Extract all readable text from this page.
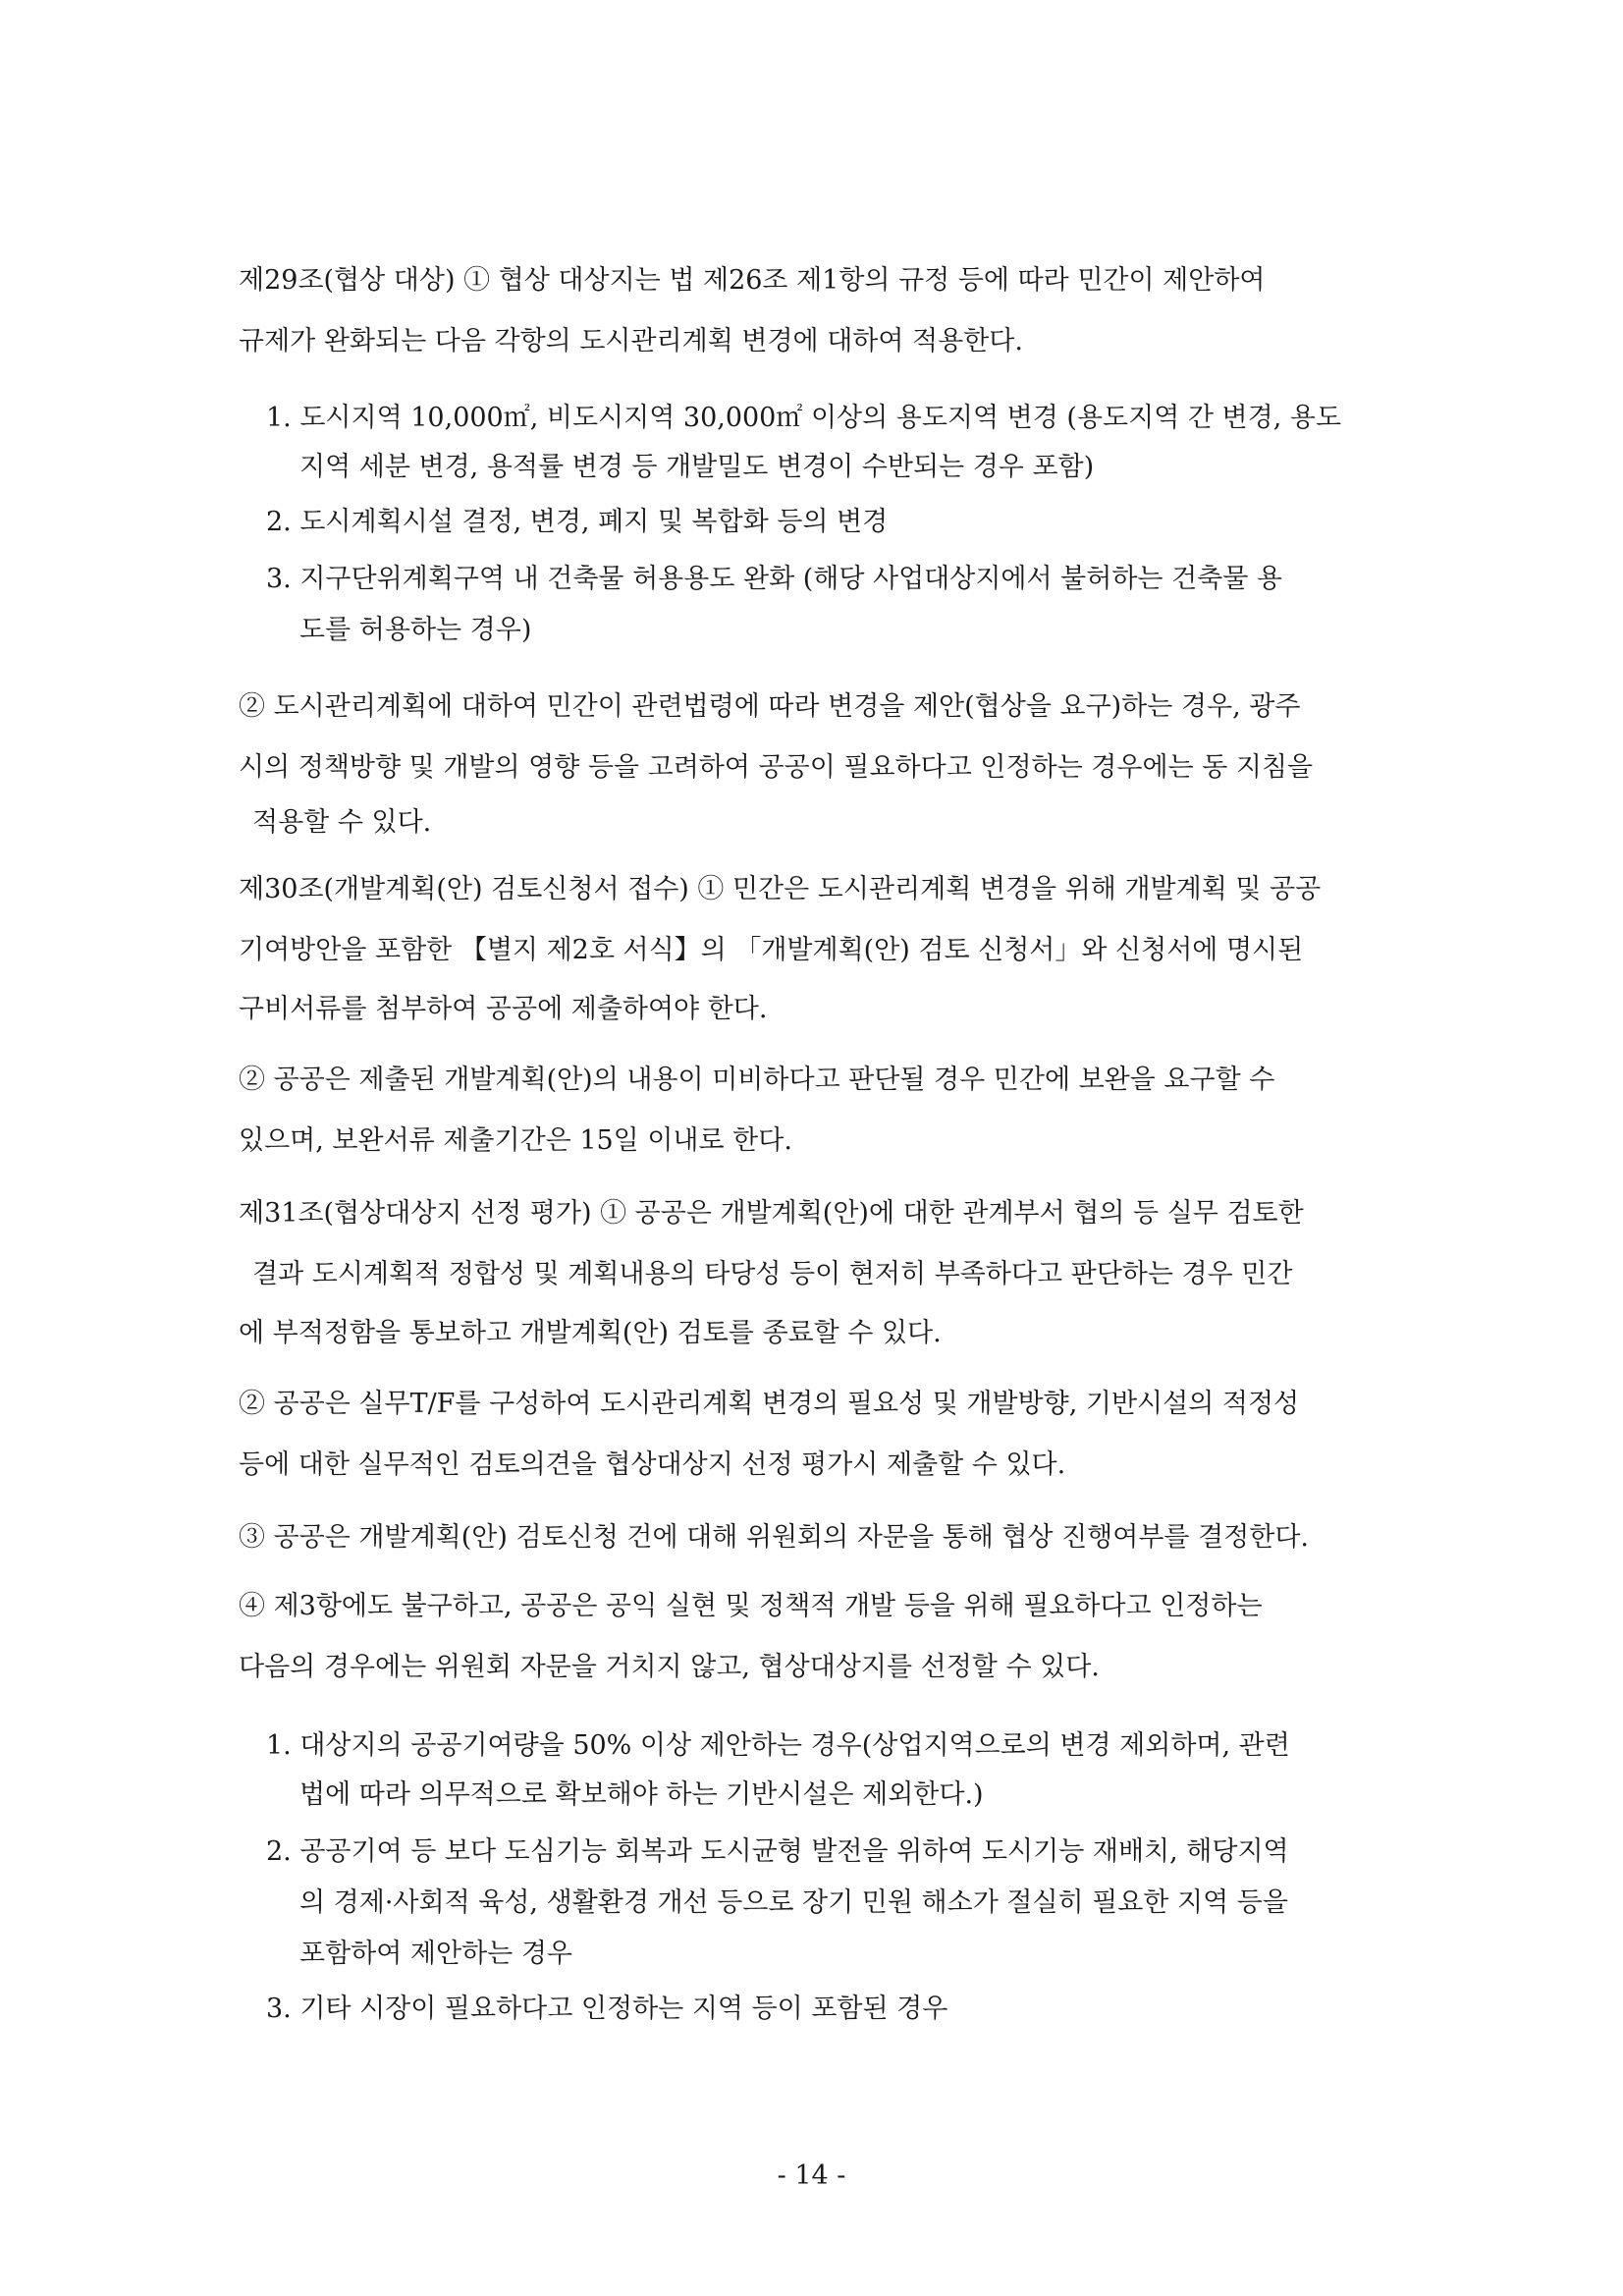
제29조(협상 대상) ① 협상 대상지는 법 제26조 제1항의 규정 등에 따라 민간이 제안하여
규제가 완화되는 다음 각항의 도시관리계획 변경에 대하여 적용한다.
1. 도시지역 10,000㎡, 비도시지역 30,000㎡ 이상의 용도지역 변경 (용도지역 간 변경, 용도
지역 세분 변경, 용적률 변경 등 개발밀도 변경이 수반되는 경우 포함)
2. 도시계획시설 결정, 변경, 폐지 및 복합화 등의 변경
3. 지구단위계획구역 내 건축물 허용용도 완화 (해당 사업대상지에서 불허하는 건축물 용
도를 허용하는 경우)
② 도시관리계획에 대하여 민간이 관련법령에 따라 변경을 제안(협상을 요구)하는 경우, 광주
시의 정책방향 및 개발의 영향 등을 고려하여 공공이 필요하다고 인정하는 경우에는 동 지침을
적용할 수 있다.
제30조(개발계획(안) 검토신청서 접수) ① 민간은 도시관리계획 변경을 위해 개발계획 및 공공
기여방안을 포함한 【별지 제2호 서식】의 「개발계획(안) 검토 신청서」와 신청서에 명시된
구비서류를 첨부하여 공공에 제출하여야 한다.
② 공공은 제출된 개발계획(안)의 내용이 미비하다고 판단될 경우 민간에 보완을 요구할 수
있으며, 보완서류 제출기간은 15일 이내로 한다.
제31조(협상대상지 선정 평가) ① 공공은 개발계획(안)에 대한 관계부서 협의 등 실무 검토한
결과 도시계획적 정합성 및 계획내용의 타당성 등이 현저히 부족하다고 판단하는 경우 민간
에 부적정함을 통보하고 개발계획(안) 검토를 종료할 수 있다.
② 공공은 실무T/F를 구성하여 도시관리계획 변경의 필요성 및 개발방향, 기반시설의 적정성
등에 대한 실무적인 검토의견을 협상대상지 선정 평가시 제출할 수 있다.
③ 공공은 개발계획(안) 검토신청 건에 대해 위원회의 자문을 통해 협상 진행여부를 결정한다.
④ 제3항에도 불구하고, 공공은 공익 실현 및 정책적 개발 등을 위해 필요하다고 인정하는
다음의 경우에는 위원회 자문을 거치지 않고, 협상대상지를 선정할 수 있다.
1. 대상지의 공공기여량을 50% 이상 제안하는 경우(상업지역으로의 변경 제외하며, 관련
법에 따라 의무적으로 확보해야 하는 기반시설은 제외한다.)
2. 공공기여 등 보다 도심기능 회복과 도시균형 발전을 위하여 도시기능 재배치, 해당지역
의 경제·사회적 육성, 생활환경 개선 등으로 장기 민원 해소가 절실히 필요한 지역 등을
포함하여 제안하는 경우
3. 기타 시장이 필요하다고 인정하는 지역 등이 포함된 경우
- 14 -
